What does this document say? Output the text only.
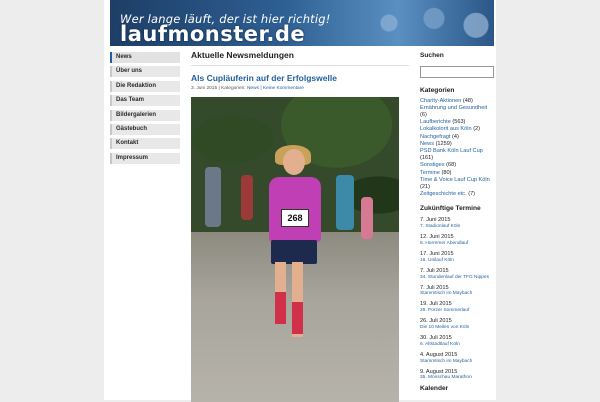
Wer lange läuft, der ist hier richtig!
laufmonster.de
News
Über uns
Die Redaktion
Das Team
Bildergalerien
Gästebuch
Kontakt
Impressum
Aktuelle Newsmeldungen
Als Cupläuferin auf der Erfolgswelle
3. Juni 2015 | Kategorien: News | Keine Kommentare
268
Suchen
Kategorien
Charity-Aktionen (48)
Ernährung und Gesundheit (6)
Laufberichte (563)
Lokalkolorit aus Köln (2)
Nachgefragt (4)
News (1259)
PSD Bank Köln Lauf Cup (161)
Sonstiges (68)
Termine (80)
Time & Voice Lauf Cup Köln (21)
Zeitgeschichte etc. (7)
Zukünftige Termine
7. Juni 2015
7. Stadionlauf Köln
12. Juni 2015
8. Horremer Abendlauf
17. Juni 2015
16. Unilauf Köln
7. Juli 2015
34. Stundenlauf der TFG Nippes
7. Juli 2015
Stammtisch im Maybach
19. Juli 2015
26. Porzer Sommerlauf
26. Juli 2015
Die 10 Meilen von Köln
30. Juli 2015
6. Altstadtlauf Köln
4. August 2015
Stammtisch im Maybach
9. August 2015
35. Monschau Marathon
Kalender
